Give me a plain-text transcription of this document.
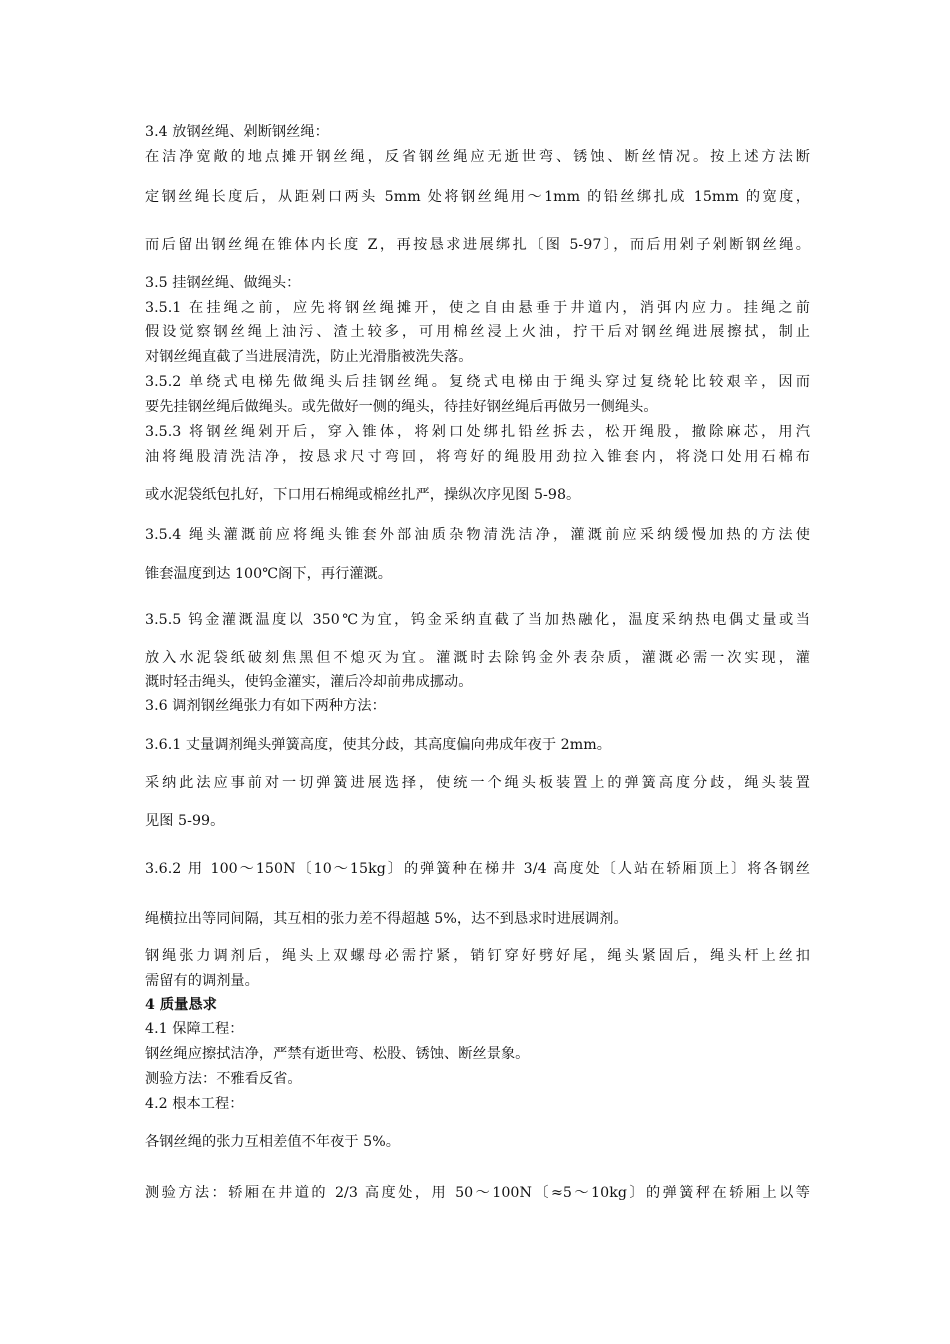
3.4 放钢丝绳、剁断钢丝绳：
在洁净宽敞的地点摊开钢丝绳，反省钢丝绳应无逝世弯、锈蚀、断丝情况。按上述方法断
定钢丝绳长度后，从距剁口两头 5mm 处将钢丝绳用～1mm 的铅丝绑扎成 15mm 的宽度，
而后留出钢丝绳在锥体内长度 Z，再按恳求进展绑扎〔图 5-97〕，而后用剁子剁断钢丝绳。
3.5 挂钢丝绳、做绳头：
3.5.1 在挂绳之前，应先将钢丝绳摊开，使之自由悬垂于井道内，消弭内应力。挂绳之前
假设觉察钢丝绳上油污、渣土较多，可用棉丝浸上火油，拧干后对钢丝绳进展擦拭，制止
对钢丝绳直截了当进展清洗，防止光滑脂被洗失落。
3.5.2 单绕式电梯先做绳头后挂钢丝绳。复绕式电梯由于绳头穿过复绕轮比较艰辛，因而
要先挂钢丝绳后做绳头。或先做好一侧的绳头，待挂好钢丝绳后再做另一侧绳头。
3.5.3 将钢丝绳剁开后，穿入锥体，将剁口处绑扎铅丝拆去，松开绳股，撤除麻芯，用汽
油将绳股清洗洁净，按恳求尺寸弯回，将弯好的绳股用劲拉入锥套内，将浇口处用石棉布
或水泥袋纸包扎好，下口用石棉绳或棉丝扎严，操纵次序见图 5-98。
3.5.4 绳头灌溉前应将绳头锥套外部油质杂物清洗洁净，灌溉前应采纳缓慢加热的方法使
锥套温度到达 100℃阁下，再行灌溉。
3.5.5 钨金灌溉温度以 350℃为宜，钨金采纳直截了当加热融化，温度采纳热电偶丈量或当
放入水泥袋纸破刻焦黑但不熄灭为宜。灌溉时去除钨金外表杂质，灌溉必需一次实现，灌
溉时轻击绳头，使钨金灌实，灌后冷却前弗成挪动。
3.6 调剂钢丝绳张力有如下两种方法：
3.6.1 丈量调剂绳头弹簧高度，使其分歧，其高度偏向弗成年夜于 2mm。
采纳此法应事前对一切弹簧进展选择，使统一个绳头板装置上的弹簧高度分歧，绳头装置
见图 5-99。
3.6.2 用 100～150N〔10～15kg〕的弹簧种在梯井 3/4 高度处〔人站在轿厢顶上〕将各钢丝
绳横拉出等同间隔，其互相的张力差不得超越 5%，达不到恳求时进展调剂。
钢绳张力调剂后，绳头上双螺母必需拧紧，销钉穿好劈好尾，绳头紧固后，绳头杆上丝扣
需留有的调剂量。
4 质量恳求
4.1 保障工程：
钢丝绳应擦拭洁净，严禁有逝世弯、松股、锈蚀、断丝景象。
测验方法：不雅看反省。
4.2 根本工程：
各钢丝绳的张力互相差值不年夜于 5%。
测验方法：轿厢在井道的 2/3 高度处，用 50～100N〔≈5～10kg〕的弹簧秤在轿厢上以等
